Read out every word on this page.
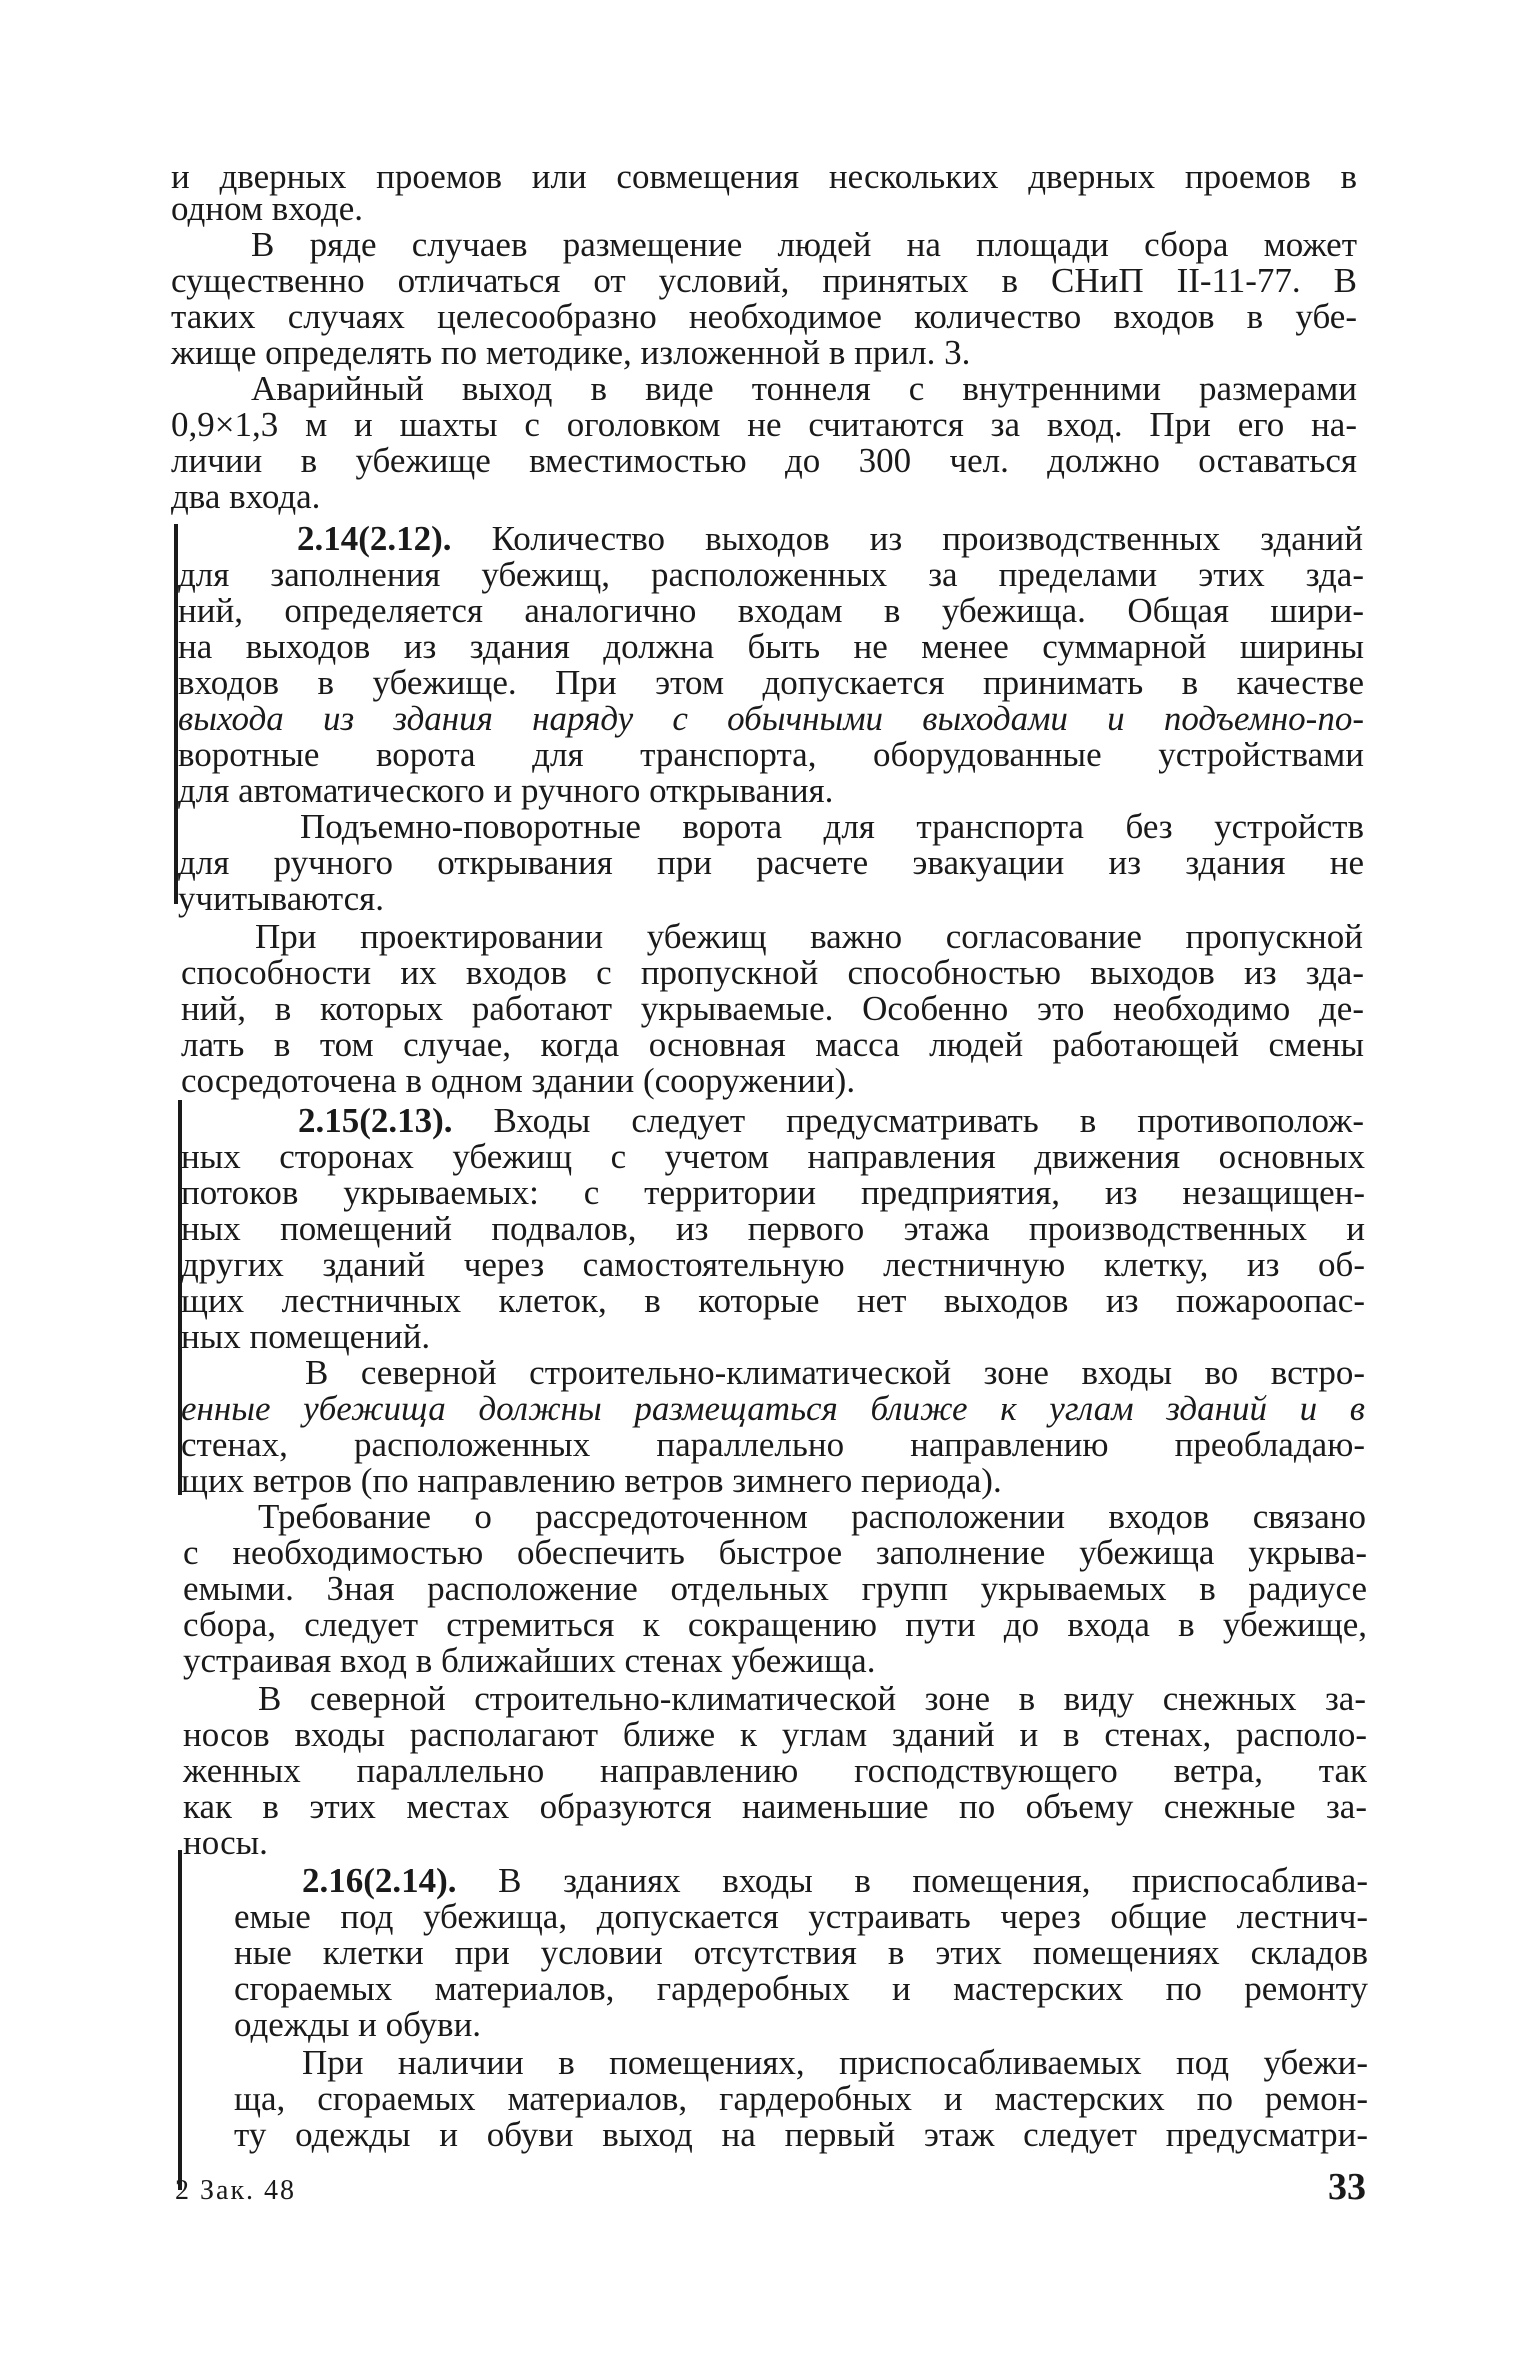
и дверных проемов или совмещения нескольких дверных проемов в

одном входе.

В ряде случаев размещение людей на площади сбора может

существенно отличаться от условий, принятых в СНиП II-11-77. В

таких случаях целесообразно необходимое количество входов в убе-

жище определять по методике, изложенной в прил. 3.

Аварийный выход в виде тоннеля с внутренними размерами

0,9×1,3 м и шахты с оголовком не считаются за вход. При его на-

личии в убежище вместимостью до 300 чел. должно оставаться

два входа.

2.14(2.12). Количество выходов из производственных зданий

для заполнения убежищ, расположенных за пределами этих зда-

ний, определяется аналогично входам в убежища. Общая шири-

на выходов из здания должна быть не менее суммарной ширины

входов в убежище. При этом допускается принимать в качестве

выхода из здания наряду с обычными выходами и подъемно-по-

воротные ворота для транспорта, оборудованные устройствами

для автоматического и ручного открывания.

Подъемно-поворотные ворота для транспорта без устройств

для ручного открывания при расчете эвакуации из здания не

учитываются.

При проектировании убежищ важно согласование пропускной

способности их входов с пропускной способностью выходов из зда-

ний, в которых работают укрываемые. Особенно это необходимо де-

лать в том случае, когда основная масса людей работающей смены

сосредоточена в одном здании (сооружении).

2.15(2.13). Входы следует предусматривать в противополож-

ных сторонах убежищ с учетом направления движения основных

потоков укрываемых: с территории предприятия, из незащищен-

ных помещений подвалов, из первого этажа производственных и

других зданий через самостоятельную лестничную клетку, из об-

щих лестничных клеток, в которые нет выходов из пожароопас-

ных помещений.

В северной строительно-климатической зоне входы во встро-

енные убежища должны размещаться ближе к углам зданий и в

стенах, расположенных параллельно направлению преобладаю-

щих ветров (по направлению ветров зимнего периода).

Требование о рассредоточенном расположении входов связано

с необходимостью обеспечить быстрое заполнение убежища укрыва-

емыми. Зная расположение отдельных групп укрываемых в радиусе

сбора, следует стремиться к сокращению пути до входа в убежище,

устраивая вход в ближайших стенах убежища.

В северной строительно-климатической зоне в виду снежных за-

носов входы располагают ближе к углам зданий и в стенах, располо-

женных параллельно направлению господствующего ветра, так

как в этих местах образуются наименьшие по объему снежные за-

носы.

2.16(2.14). В зданиях входы в помещения, приспосабливa-

емые под убежища, допускается устраивать через общие лестнич-

ные клетки при условии отсутствия в этих помещениях складов

сгораемых материалов, гардеробных и мастерских по ремонту

одежды и обуви.

При наличии в помещениях, приспосабливаемых под убежи-

ща, сгораемых материалов, гардеробных и мастерских по ремон-

ту одежды и обуви выход на первый этаж следует предусматри-

2 Зак. 48	33
